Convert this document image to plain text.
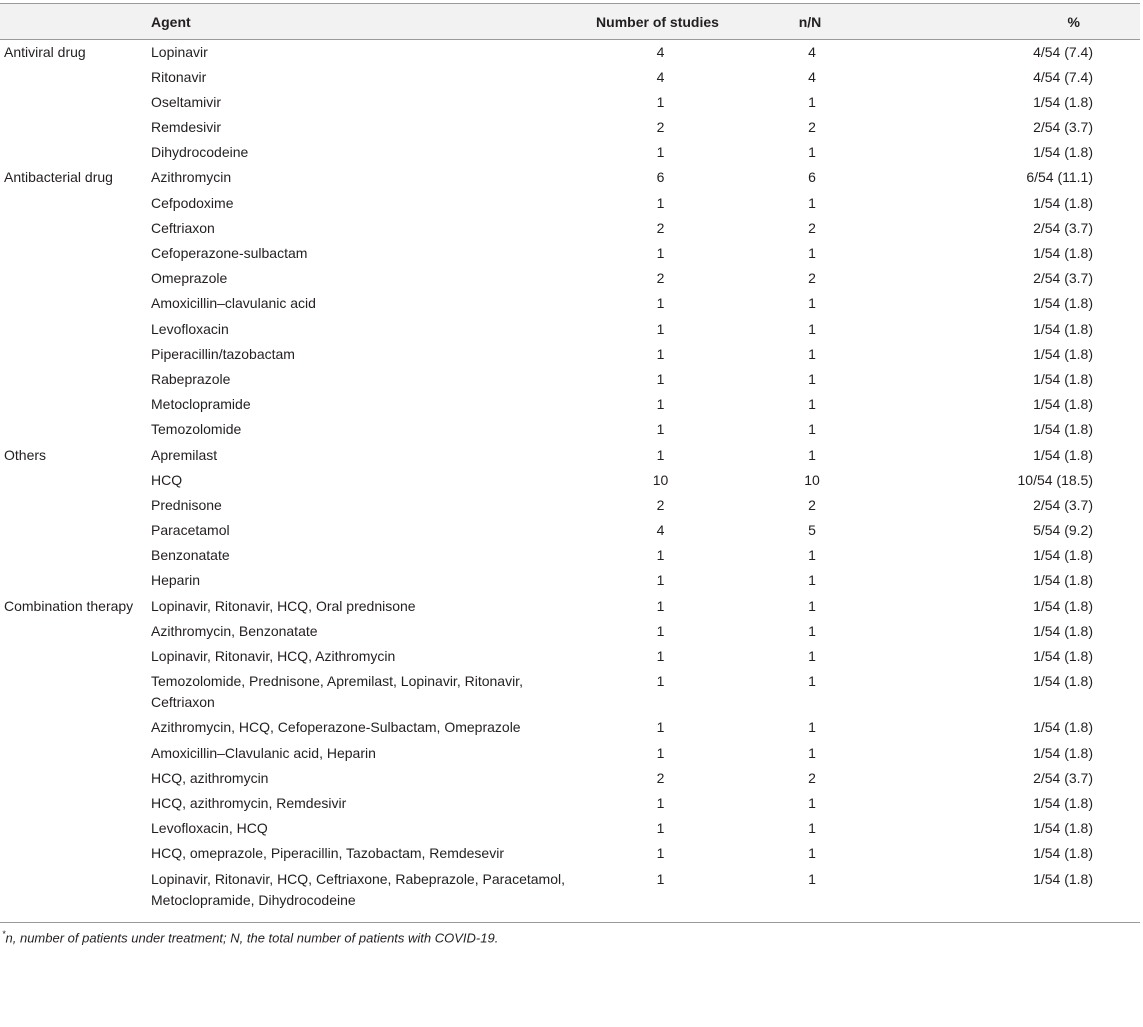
	Agent	Number of studies	n/N	%
Antiviral drug	Lopinavir	4	4	4/54 (7.4)
	Ritonavir	4	4	4/54 (7.4)
	Oseltamivir	1	1	1/54 (1.8)
	Remdesivir	2	2	2/54 (3.7)
	Dihydrocodeine	1	1	1/54 (1.8)
Antibacterial drug	Azithromycin	6	6	6/54 (11.1)
	Cefpodoxime	1	1	1/54 (1.8)
	Ceftriaxon	2	2	2/54 (3.7)
	Cefoperazone-sulbactam	1	1	1/54 (1.8)
	Omeprazole	2	2	2/54 (3.7)
	Amoxicillin–clavulanic acid	1	1	1/54 (1.8)
	Levofloxacin	1	1	1/54 (1.8)
	Piperacillin/tazobactam	1	1	1/54 (1.8)
	Rabeprazole	1	1	1/54 (1.8)
	Metoclopramide	1	1	1/54 (1.8)
	Temozolomide	1	1	1/54 (1.8)
Others	Apremilast	1	1	1/54 (1.8)
	HCQ	10	10	10/54 (18.5)
	Prednisone	2	2	2/54 (3.7)
	Paracetamol	4	5	5/54 (9.2)
	Benzonatate	1	1	1/54 (1.8)
	Heparin	1	1	1/54 (1.8)
Combination therapy	Lopinavir, Ritonavir, HCQ, Oral prednisone	1	1	1/54 (1.8)
	Azithromycin, Benzonatate	1	1	1/54 (1.8)
	Lopinavir, Ritonavir, HCQ, Azithromycin	1	1	1/54 (1.8)
	Temozolomide, Prednisone, Apremilast, Lopinavir, Ritonavir, Ceftriaxon	1	1	1/54 (1.8)
	Azithromycin, HCQ, Cefoperazone-Sulbactam, Omeprazole	1	1	1/54 (1.8)
	Amoxicillin–Clavulanic acid, Heparin	1	1	1/54 (1.8)
	HCQ, azithromycin	2	2	2/54 (3.7)
	HCQ, azithromycin, Remdesivir	1	1	1/54 (1.8)
	Levofloxacin, HCQ	1	1	1/54 (1.8)
	HCQ, omeprazole, Piperacillin, Tazobactam, Remdesevir	1	1	1/54 (1.8)
	Lopinavir, Ritonavir, HCQ, Ceftriaxone, Rabeprazole, Paracetamol, Metoclopramide, Dihydrocodeine	1	1	1/54 (1.8)
*n, number of patients under treatment; N, the total number of patients with COVID-19.
